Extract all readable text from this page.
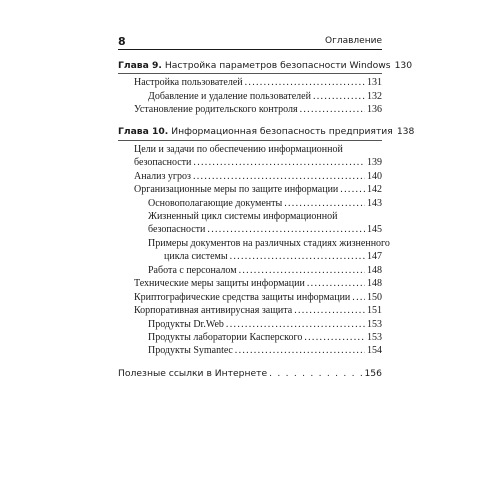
8	Оглавление
Глава 9. Настройка параметров безопасности Windows 130
Настройка пользователей . . .	131
Добавление и удаление пользователей . . .	132
Установление родительского контроля . . .	136
Глава 10. Информационная безопасность предприятия 138
Цели и задачи по обеспечению информационной
безопасности . . .	139
Анализ угроз . . .	140
Организационные меры по защите информации . . .	142
Основополагающие документы . . .	143
Жизненный цикл системы информационной
безопасности . . .	145
Примеры документов на различных стадиях жизненного
цикла системы . . .	147
Работа с персоналом . . .	148
Технические меры защиты информации . . .	148
Криптографические средства защиты информации . . . 150
Корпоративная антивирусная защита . . .	151
Продукты Dr.Web . . .	153
Продукты лаборатории Касперского . . .	153
Продукты Symantec . . .	154
Полезные ссылки в Интернете . . .	156
